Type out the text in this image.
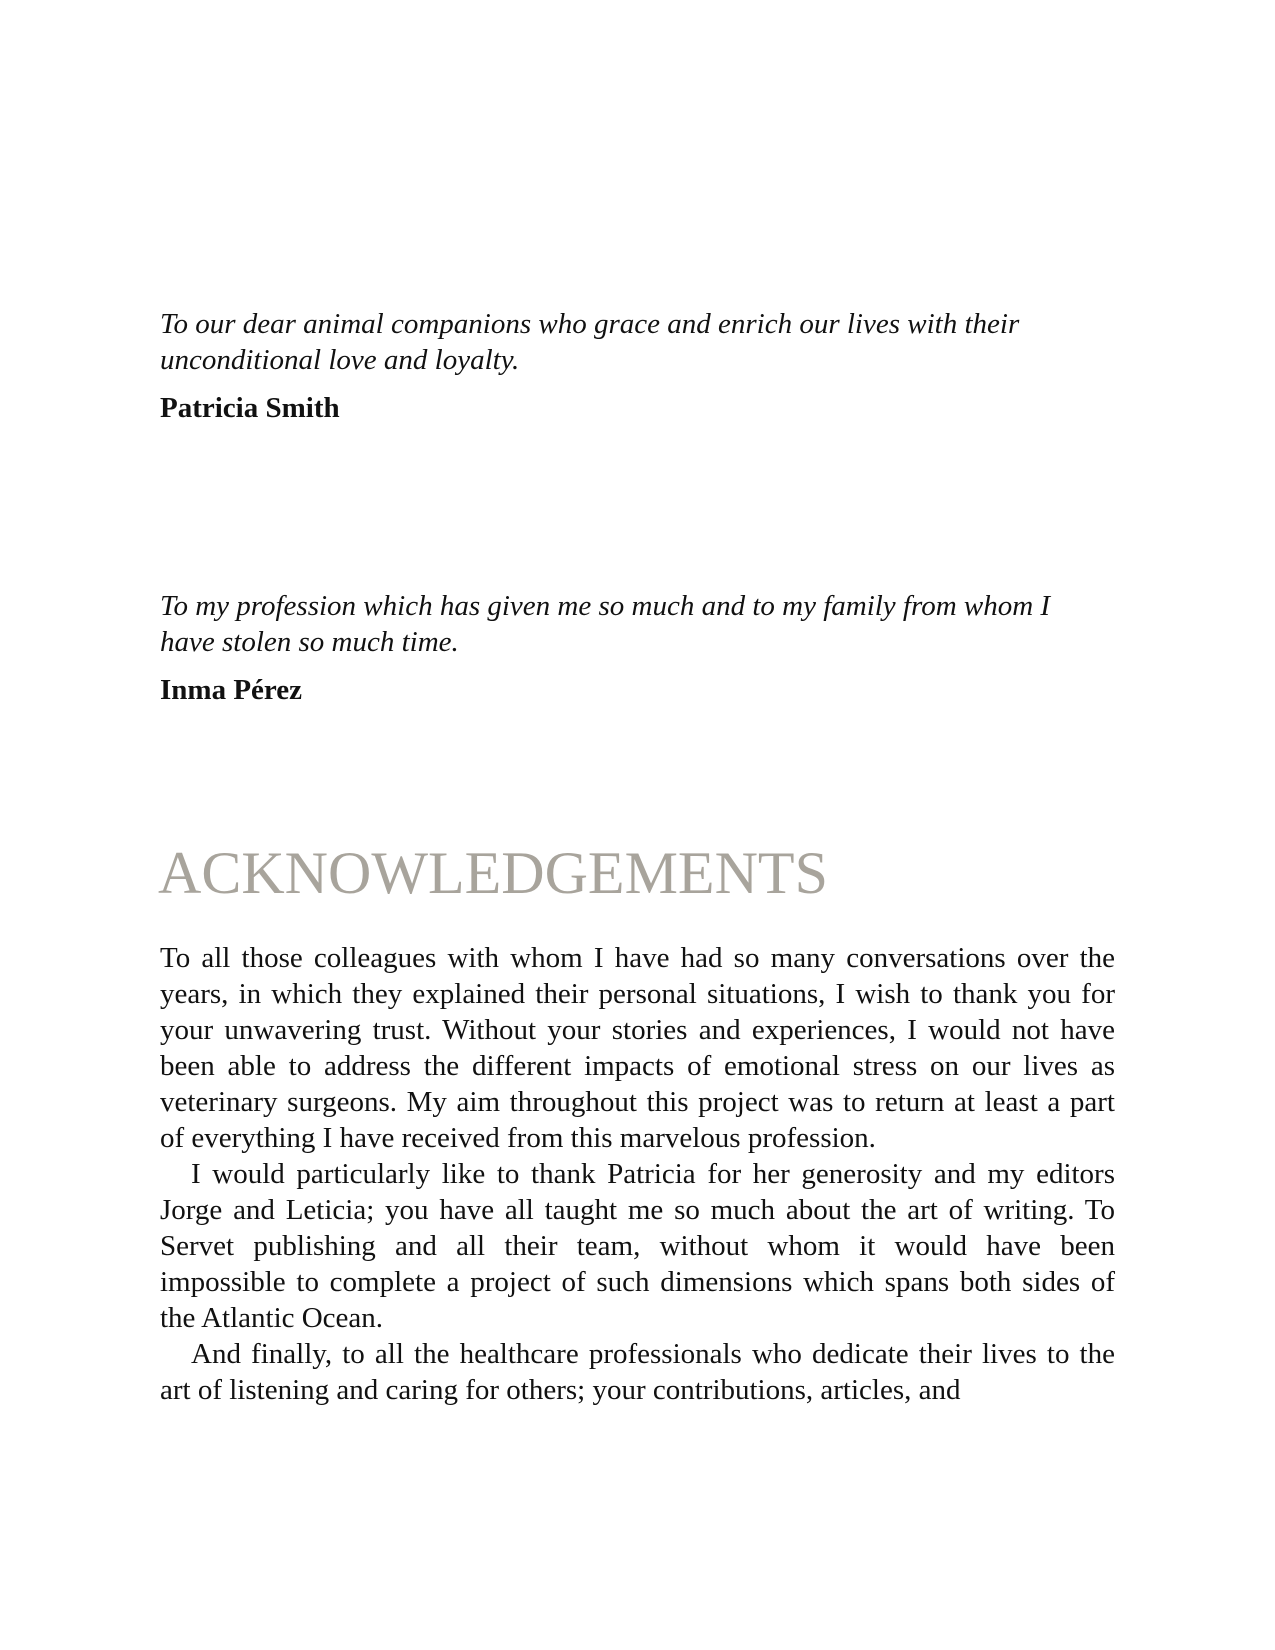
To our dear animal companions who grace and enrich our lives with their unconditional love and loyalty.

Patricia Smith

To my profession which has given me so much and to my family from whom I have stolen so much time.

Inma Pérez

ACKNOWLEDGEMENTS

To all those colleagues with whom I have had so many conversations over the years, in which they explained their personal situations, I wish to thank you for your unwavering trust. Without your stories and experiences, I would not have been able to address the different impacts of emotional stress on our lives as veterinary surgeons. My aim throughout this project was to return at least a part of everything I have received from this marvelous profession.

I would particularly like to thank Patricia for her generosity and my editors Jorge and Leticia; you have all taught me so much about the art of writing. To Servet publishing and all their team, without whom it would have been impossible to complete a project of such dimensions which spans both sides of the Atlantic Ocean.

And finally, to all the healthcare professionals who dedicate their lives to the art of listening and caring for others; your contributions, articles, and
